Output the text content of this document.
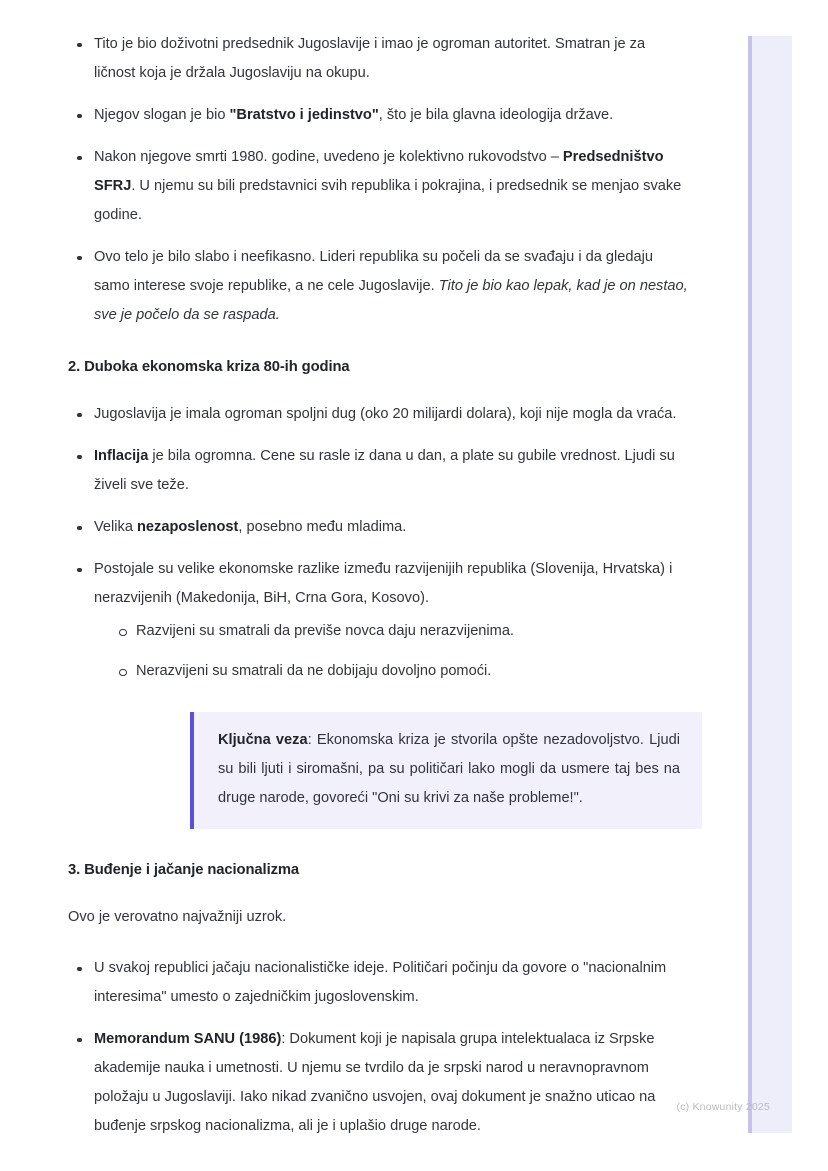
Tito je bio doživotni predsednik Jugoslavije i imao je ogroman autoritet. Smatran je za ličnost koja je držala Jugoslaviju na okupu.
Njegov slogan je bio "Bratstvo i jedinstvo", što je bila glavna ideologija države.
Nakon njegove smrti 1980. godine, uvedeno je kolektivno rukovodstvo – Predsedništvo SFRJ. U njemu su bili predstavnici svih republika i pokrajina, i predsednik se menjao svake godine.
Ovo telo je bilo slabo i neefikasno. Lideri republika su počeli da se svađaju i da gledaju samo interese svoje republike, a ne cele Jugoslavije. Tito je bio kao lepak, kad je on nestao, sve je počelo da se raspada.
2. Duboka ekonomska kriza 80-ih godina
Jugoslavija je imala ogroman spoljni dug (oko 20 milijardi dolara), koji nije mogla da vraća.
Inflacija je bila ogromna. Cene su rasle iz dana u dan, a plate su gubile vrednost. Ljudi su živeli sve teže.
Velika nezaposlenost, posebno među mladima.
Postojale su velike ekonomske razlike između razvijenijih republika (Slovenija, Hrvatska) i nerazvijenih (Makedonija, BiH, Crna Gora, Kosovo).
Razvijeni su smatrali da previše novca daju nerazvijenima.
Nerazvijeni su smatrali da ne dobijaju dovoljno pomoći.

Ključna veza: Ekonomska kriza je stvorila opšte nezadovoljstvo. Ljudi su bili ljuti i siromašni, pa su političari lako mogli da usmere taj bes na druge narode, govoreći "Oni su krivi za naše probleme!".

3. Buđenje i jačanje nacionalizma

Ovo je verovatno najvažniji uzrok.

U svakoj republici jačaju nacionalističke ideje. Političari počinju da govore o "nacionalnim interesima" umesto o zajedničkim jugoslovenskim.
Memorandum SANU (1986): Dokument koji je napisala grupa intelektualaca iz Srpske akademije nauka i umetnosti. U njemu se tvrdilo da je srpski narod u neravnopravnom položaju u Jugoslaviji. Iako nikad zvanično usvojen, ovaj dokument je snažno uticao na buđenje srpskog nacionalizma, ali je i uplašio druge narode.
(c) Knowunity 2025
